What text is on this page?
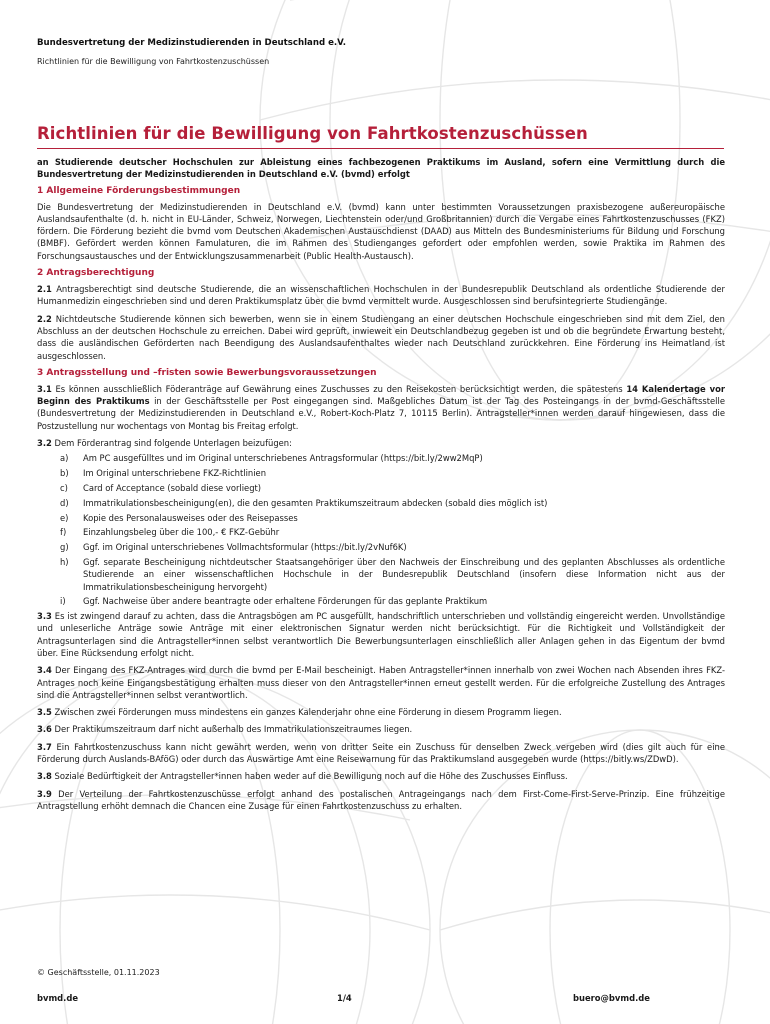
Bundesvertretung der Medizinstudierenden in Deutschland e.V.
Richtlinien für die Bewilligung von Fahrtkostenzuschüssen
Richtlinien für die Bewilligung von Fahrtkostenzuschüssen

an Studierende deutscher Hochschulen zur Ableistung eines fachbezogenen Praktikums im Ausland, sofern eine Vermittlung durch die Bundesvertretung der Medizinstudierenden in Deutschland e.V. (bvmd) erfolgt

1 Allgemeine Förderungsbestimmungen

Die Bundesvertretung der Medizinstudierenden in Deutschland e.V. (bvmd) kann unter bestimmten Voraussetzungen praxisbezogene außereuropäische Auslandsaufenthalte (d. h. nicht in EU-Länder, Schweiz, Norwegen, Liechtenstein oder/und Großbritannien) durch die Vergabe eines Fahrtkostenzuschusses (FKZ) fördern. Die Förderung bezieht die bvmd vom Deutschen Akademischen Austauschdienst (DAAD) aus Mitteln des Bundesministeriums für Bildung und Forschung (BMBF). Gefördert werden können Famulaturen, die im Rahmen des Studienganges gefordert oder empfohlen werden, sowie Praktika im Rahmen des Forschungsaustausches und der Entwicklungszusammenarbeit (Public Health-Austausch).

2 Antragsberechtigung

2.1 Antragsberechtigt sind deutsche Studierende, die an wissenschaftlichen Hochschulen in der Bundesrepublik Deutschland als ordentliche Studierende der Humanmedizin eingeschrieben sind und deren Praktikumsplatz über die bvmd vermittelt wurde. Ausgeschlossen sind berufsintegrierte Studiengänge.

2.2 Nichtdeutsche Studierende können sich bewerben, wenn sie in einem Studiengang an einer deutschen Hochschule eingeschrieben sind mit dem Ziel, den Abschluss an der deutschen Hochschule zu erreichen. Dabei wird geprüft, inwieweit ein Deutschlandbezug gegeben ist und ob die begründete Erwartung besteht, dass die ausländischen Geförderten nach Beendigung des Auslandsaufenthaltes wieder nach Deutschland zurückkehren. Eine Förderung ins Heimatland ist ausgeschlossen.

3 Antragsstellung und –fristen sowie Bewerbungsvoraussetzungen

3.1 Es können ausschließlich Föderanträge auf Gewährung eines Zuschusses zu den Reisekosten berücksichtigt werden, die spätestens 14 Kalendertage vor Beginn des Praktikums in der Geschäftsstelle per Post eingegangen sind. Maßgebliches Datum ist der Tag des Posteingangs in der bvmd-Geschäftsstelle (Bundesvertretung der Medizinstudierenden in Deutschland e.V., Robert-Koch-Platz 7, 10115 Berlin). Antragsteller*innen werden darauf hingewiesen, dass die Postzustellung nur wochentags von Montag bis Freitag erfolgt.

3.2 Dem Förderantrag sind folgende Unterlagen beizufügen:

a)	Am PC ausgefülltes und im Original unterschriebenes Antragsformular (https://bit.ly/2ww2MqP)
b)	Im Original unterschriebene FKZ-Richtlinien
c)	Card of Acceptance (sobald diese vorliegt)
d)	Immatrikulationsbescheinigung(en), die den gesamten Praktikumszeitraum abdecken (sobald dies möglich ist)
e)	Kopie des Personalausweises oder des Reisepasses
f)	Einzahlungsbeleg über die 100,- € FKZ-Gebühr
g)	Ggf. im Original unterschriebenes Vollmachtsformular (https://bit.ly/2vNuf6K)
h)	Ggf. separate Bescheinigung nichtdeutscher Staatsangehöriger über den Nachweis der Einschreibung und des geplanten Abschlusses als ordentliche Studierende an einer wissenschaftlichen Hochschule in der Bundesrepublik Deutschland (insofern diese Information nicht aus der Immatrikulationsbescheinigung hervorgeht)
i)	Ggf. Nachweise über andere beantragte oder erhaltene Förderungen für das geplante Praktikum

3.3 Es ist zwingend darauf zu achten, dass die Antragsbögen am PC ausgefüllt, handschriftlich unterschrieben und vollständig eingereicht werden. Unvollständige und unleserliche Anträge sowie Anträge mit einer elektronischen Signatur werden nicht berücksichtigt. Für die Richtigkeit und Vollständigkeit der Antragsunterlagen sind die Antragsteller*innen selbst verantwortlich Die Bewerbungsunterlagen einschließlich aller Anlagen gehen in das Eigentum der bvmd über. Eine Rücksendung erfolgt nicht.

3.4 Der Eingang des FKZ-Antrages wird durch die bvmd per E-Mail bescheinigt. Haben Antragsteller*innen innerhalb von zwei Wochen nach Absenden ihres FKZ-Antrages noch keine Eingangsbestätigung erhalten muss dieser von den Antragsteller*innen erneut gestellt werden. Für die erfolgreiche Zustellung des Antrages sind die Antragsteller*innen selbst verantwortlich.

3.5 Zwischen zwei Förderungen muss mindestens ein ganzes Kalenderjahr ohne eine Förderung in diesem Programm liegen.

3.6 Der Praktikumszeitraum darf nicht außerhalb des Immatrikulationszeitraumes liegen.

3.7 Ein Fahrtkostenzuschuss kann nicht gewährt werden, wenn von dritter Seite ein Zuschuss für denselben Zweck vergeben wird (dies gilt auch für eine Förderung durch Auslands-BAföG) oder durch das Auswärtige Amt eine Reisewarnung für das Praktikumsland ausgegeben wurde (https://bitly.ws/ZDwD).

3.8 Soziale Bedürftigkeit der Antragsteller*innen haben weder auf die Bewilligung noch auf die Höhe des Zuschusses Einfluss.

3.9 Der Verteilung der Fahrtkostenzuschüsse erfolgt anhand des postalischen Antrageingangs nach dem First-Come-First-Serve-Prinzip. Eine frühzeitige Antragstellung erhöht demnach die Chancen eine Zusage für einen Fahrtkostenzuschuss zu erhalten.

© Geschäftsstelle, 01.11.2023
bvmd.de	1/4	buero@bvmd.de
